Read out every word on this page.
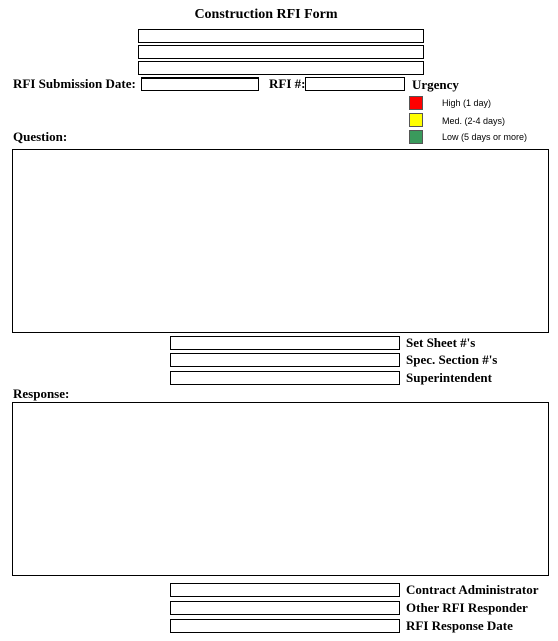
Construction RFI Form
RFI Submission Date:	RFI #:	Urgency
High (1 day)
Med. (2-4 days)
Low (5 days or more)
Question:
Set Sheet #'s
Spec. Section #'s
Superintendent
Response:
Contract Administrator
Other RFI Responder
RFI Response Date
